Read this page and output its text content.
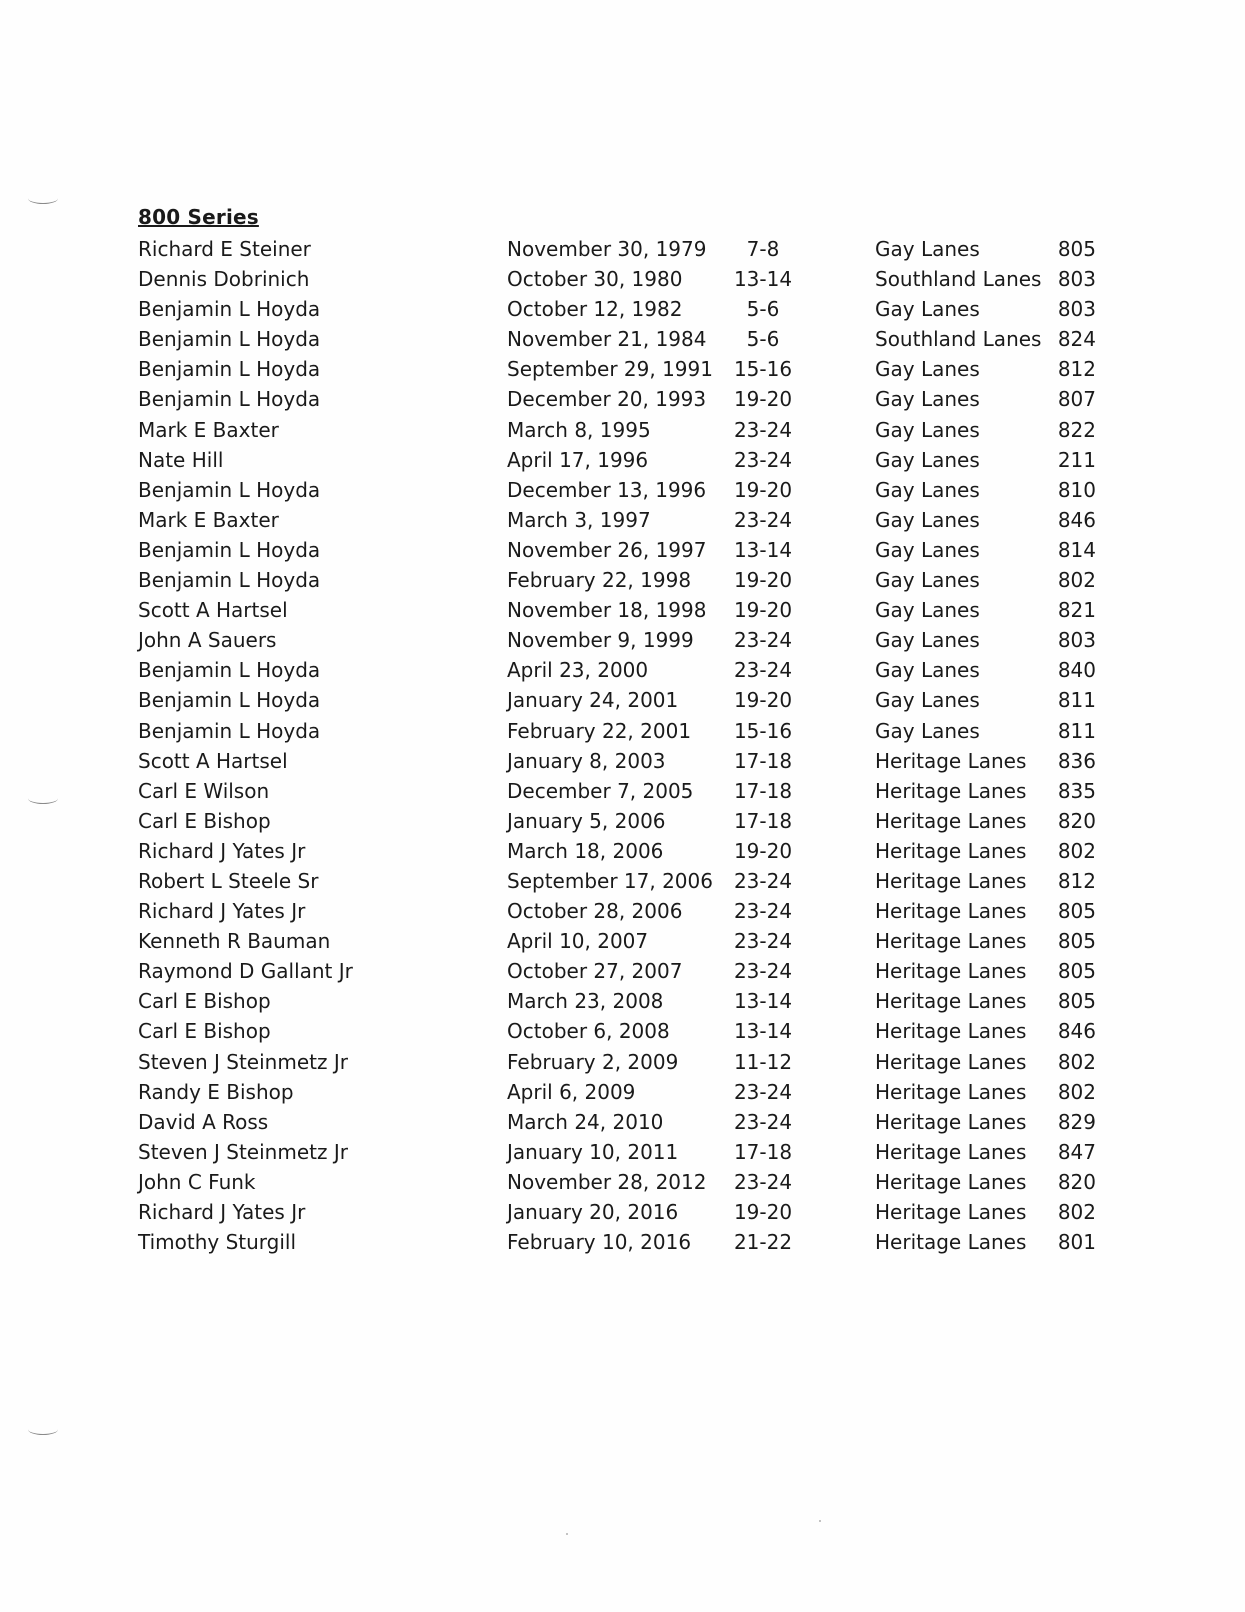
800 Series
Richard E Steiner	November 30, 1979	7-8	Gay Lanes	805
Dennis Dobrinich	October 30, 1980	13-14	Southland Lanes 803
Benjamin L Hoyda	October 12, 1982	5-6	Gay Lanes	803
Benjamin L Hoyda	November 21, 1984	5-6	Southland Lanes 824
Benjamin L Hoyda	September 29, 1991 15-16	Gay Lanes	812
Benjamin L Hoyda	December 20, 1993 19-20	Gay Lanes	807
Mark E Baxter	March 8, 1995	23-24	Gay Lanes	822
Nate Hill	April 17, 1996	23-24	Gay Lanes	211
Benjamin L Hoyda	December 13, 1996 19-20	Gay Lanes	810
Mark E Baxter	March 3, 1997	23-24	Gay Lanes	846
Benjamin L Hoyda	November 26, 1997 13-14	Gay Lanes	814
Benjamin L Hoyda	February 22, 1998 19-20	Gay Lanes	802
Scott A Hartsel	November 18, 1998 19-20	Gay Lanes	821
John A Sauers	November 9, 1999 23-24	Gay Lanes	803
Benjamin L Hoyda	April 23, 2000	23-24	Gay Lanes	840
Benjamin L Hoyda	January 24, 2001	19-20	Gay Lanes	811
Benjamin L Hoyda	February 22, 2001 15-16	Gay Lanes	811
Scott A Hartsel	January 8, 2003	17-18	Heritage Lanes 836
Carl E Wilson	December 7, 2005 17-18	Heritage Lanes 835
Carl E Bishop	January 5, 2006	17-18	Heritage Lanes 820
Richard J Yates Jr	March 18, 2006	19-20	Heritage Lanes 802
Robert L Steele Sr	September 17, 2006 23-24	Heritage Lanes 812
Richard J Yates Jr	October 28, 2006	23-24	Heritage Lanes 805
Kenneth R Bauman	April 10, 2007	23-24	Heritage Lanes 805
Raymond D Gallant Jr	October 27, 2007	23-24	Heritage Lanes 805
Carl E Bishop	March 23, 2008	13-14	Heritage Lanes 805
Carl E Bishop	October 6, 2008	13-14	Heritage Lanes 846
Steven J Steinmetz Jr	February 2, 2009	11-12	Heritage Lanes 802
Randy E Bishop	April 6, 2009	23-24	Heritage Lanes 802
David A Ross	March 24, 2010	23-24	Heritage Lanes 829
Steven J Steinmetz Jr	January 10, 2011	17-18	Heritage Lanes 847
John C Funk	November 28, 2012 23-24	Heritage Lanes 820
Richard J Yates Jr	January 20, 2016	19-20	Heritage Lanes 802
Timothy Sturgill	February 10, 2016 21-22	Heritage Lanes 801
